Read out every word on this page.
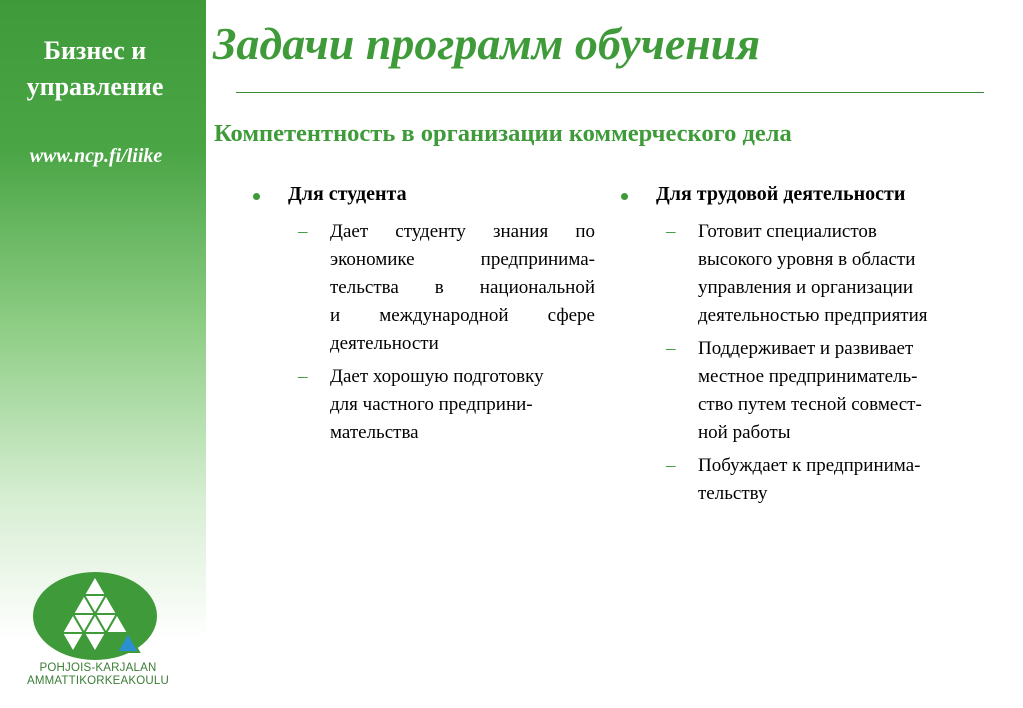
Бизнес и
управление
www.ncp.fi/liike
POHJOIS-KARJALAN
AMMATTIKORKEAKOULU
Задачи программ обучения
Компетентность в организации коммерческого дела
Для студента
– Дает студенту знания по
экономике предпринима-
тельства в национальной
и международной сфере
деятельности
– Дает хорошую подготовку
для частного предприни-
мательства
Для трудовой деятельности
– Готовит специалистов
высокого уровня в области
управления и организации
деятельностью предприятия
– Поддерживает и развивает
местное предприниматель-
ство путем тесной совмест-
ной работы
– Побуждает к предпринима-
тельству
